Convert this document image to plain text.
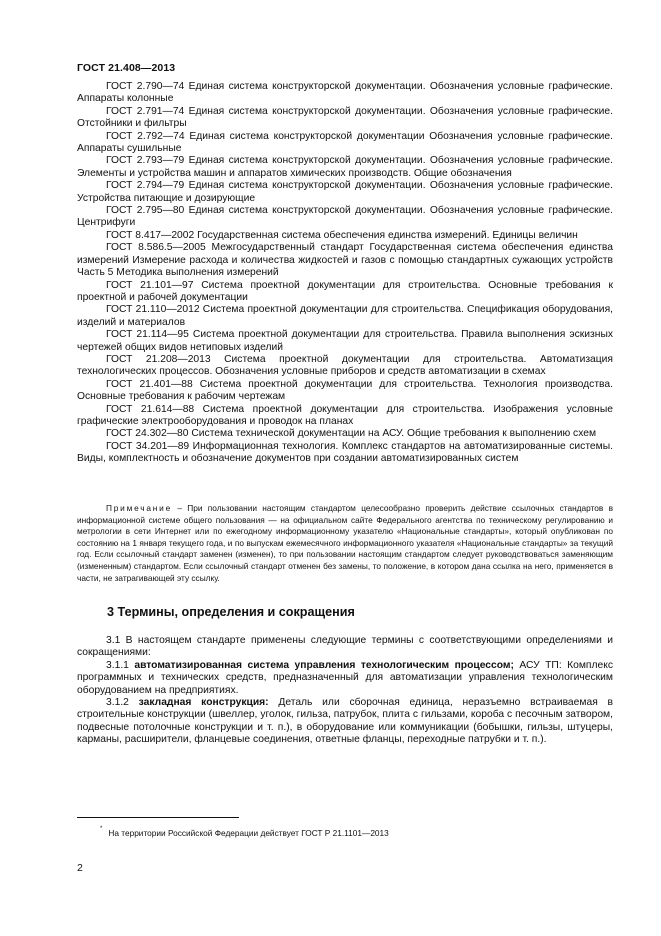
ГОСТ 21.408—2013

ГОСТ 2.790—74 Единая система конструкторской документации. Обозначения условные графические. Аппараты колонные

ГОСТ 2.791—74 Единая система конструкторской документации. Обозначения условные графические. Отстойники и фильтры

ГОСТ 2.792—74 Единая система конструкторской документации Обозначения условные графические. Аппараты сушильные

ГОСТ 2.793—79 Единая система конструкторской документации. Обозначения условные графические. Элементы и устройства машин и аппаратов химических производств. Общие обозначения

ГОСТ 2.794—79 Единая система конструкторской документации. Обозначения условные графические. Устройства питающие и дозирующие

ГОСТ 2.795—80 Единая система конструкторской документации. Обозначения условные графические. Центрифуги

ГОСТ 8.417—2002 Государственная система обеспечения единства измерений. Единицы величин

ГОСТ 8.586.5—2005 Межгосударственный стандарт Государственная система обеспечения единства измерений Измерение расхода и количества жидкостей и газов с помощью стандартных сужающих устройств Часть 5 Методика выполнения измерений

ГОСТ 21.101—97 Система проектной документации для строительства. Основные требования к проектной и рабочей документации

ГОСТ 21.110—2012 Система проектной документации для строительства. Спецификация оборудования, изделий и материалов

ГОСТ 21.114—95 Система проектной документации для строительства. Правила выполнения эскизных чертежей общих видов нетиповых изделий

ГОСТ 21.208—2013 Система проектной документации для строительства. Автоматизация технологических процессов. Обозначения условные приборов и средств автоматизации в схемах

ГОСТ 21.401—88 Система проектной документации для строительства. Технология производства. Основные требования к рабочим чертежам

ГОСТ 21.614—88 Система проектной документации для строительства. Изображения условные графические электрооборудования и проводок на планах

ГОСТ 24.302—80 Система технической документации на АСУ. Общие требования к выполнению схем

ГОСТ 34.201—89 Информационная технология. Комплекс стандартов на автоматизированные системы. Виды, комплектность и обозначение документов при создании автоматизированных систем

Примечание – При пользовании настоящим стандартом целесообразно проверить действие ссылочных стандартов в информационной системе общего пользования — на официальном сайте Федерального агентства по техническому регулированию и метрологии в сети Интернет или по ежегодному информационному указателю «Национальные стандарты», который опубликован по состоянию на 1 января текущего года, и по выпускам ежемесячного информационного указателя «Национальные стандарты» за текущий год. Если ссылочный стандарт заменен (изменен), то при пользовании настоящим стандартом следует руководствоваться заменяющим (измененным) стандартом. Если ссылочный стандарт отменен без замены, то положение, в котором дана ссылка на него, применяется в части, не затрагивающей эту ссылку.
3 Термины, определения и сокращения

3.1 В настоящем стандарте применены следующие термины с соответствующими определениями и сокращениями:

3.1.1 автоматизированная система управления технологическим процессом; АСУ ТП: Комплекс программных и технических средств, предназначенный для автоматизации управления технологическим оборудованием на предприятиях.

3.1.2 закладная конструкция: Деталь или сборочная единица, неразъемно встраиваемая в строительные конструкции (швеллер, уголок, гильза, патрубок, плита с гильзами, короба с песочным затвором, подвесные потолочные конструкции и т. п.), в оборудование или коммуникации (бобышки, гильзы, штуцеры, карманы, расширители, фланцевые соединения, ответные фланцы, переходные патрубки и т. п.).

* На территории Российской Федерации действует ГОСТ Р 21.1101—2013
2
